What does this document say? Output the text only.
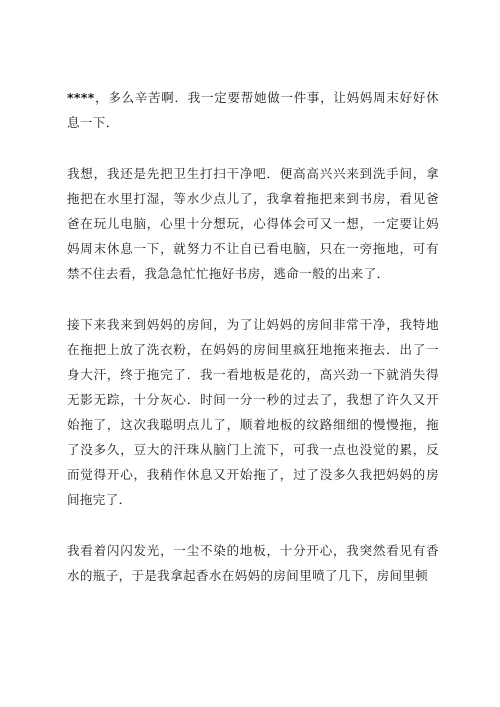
****，多么辛苦啊．我一定要帮她做一件事，让妈妈周末好好休息一下．

我想，我还是先把卫生打扫干净吧．便高高兴兴来到洗手间，拿拖把在水里打湿，等水少点儿了，我拿着拖把来到书房，看见爸爸在玩儿电脑，心里十分想玩，心得体会可又一想，一定要让妈妈周末休息一下，就努力不让自已看电脑，只在一旁拖地，可有禁不住去看，我急急忙忙拖好书房，逃命一般的出来了．

接下来我来到妈妈的房间，为了让妈妈的房间非常干净，我特地在拖把上放了洗衣粉，在妈妈的房间里疯狂地拖来拖去．出了一身大汗，终于拖完了．我一看地板是花的，高兴劲一下就消失得无影无踪，十分灰心．时间一分一秒的过去了，我想了许久又开始拖了，这次我聪明点儿了，顺着地板的纹路细细的慢慢拖，拖了没多久，豆大的汗珠从脑门上流下，可我一点也没觉的累，反而觉得开心，我稍作休息又开始拖了，过了没多久我把妈妈的房间拖完了．

我看着闪闪发光，一尘不染的地板，十分开心，我突然看见有香水的瓶子，于是我拿起香水在妈妈的房间里喷了几下，房间里顿
